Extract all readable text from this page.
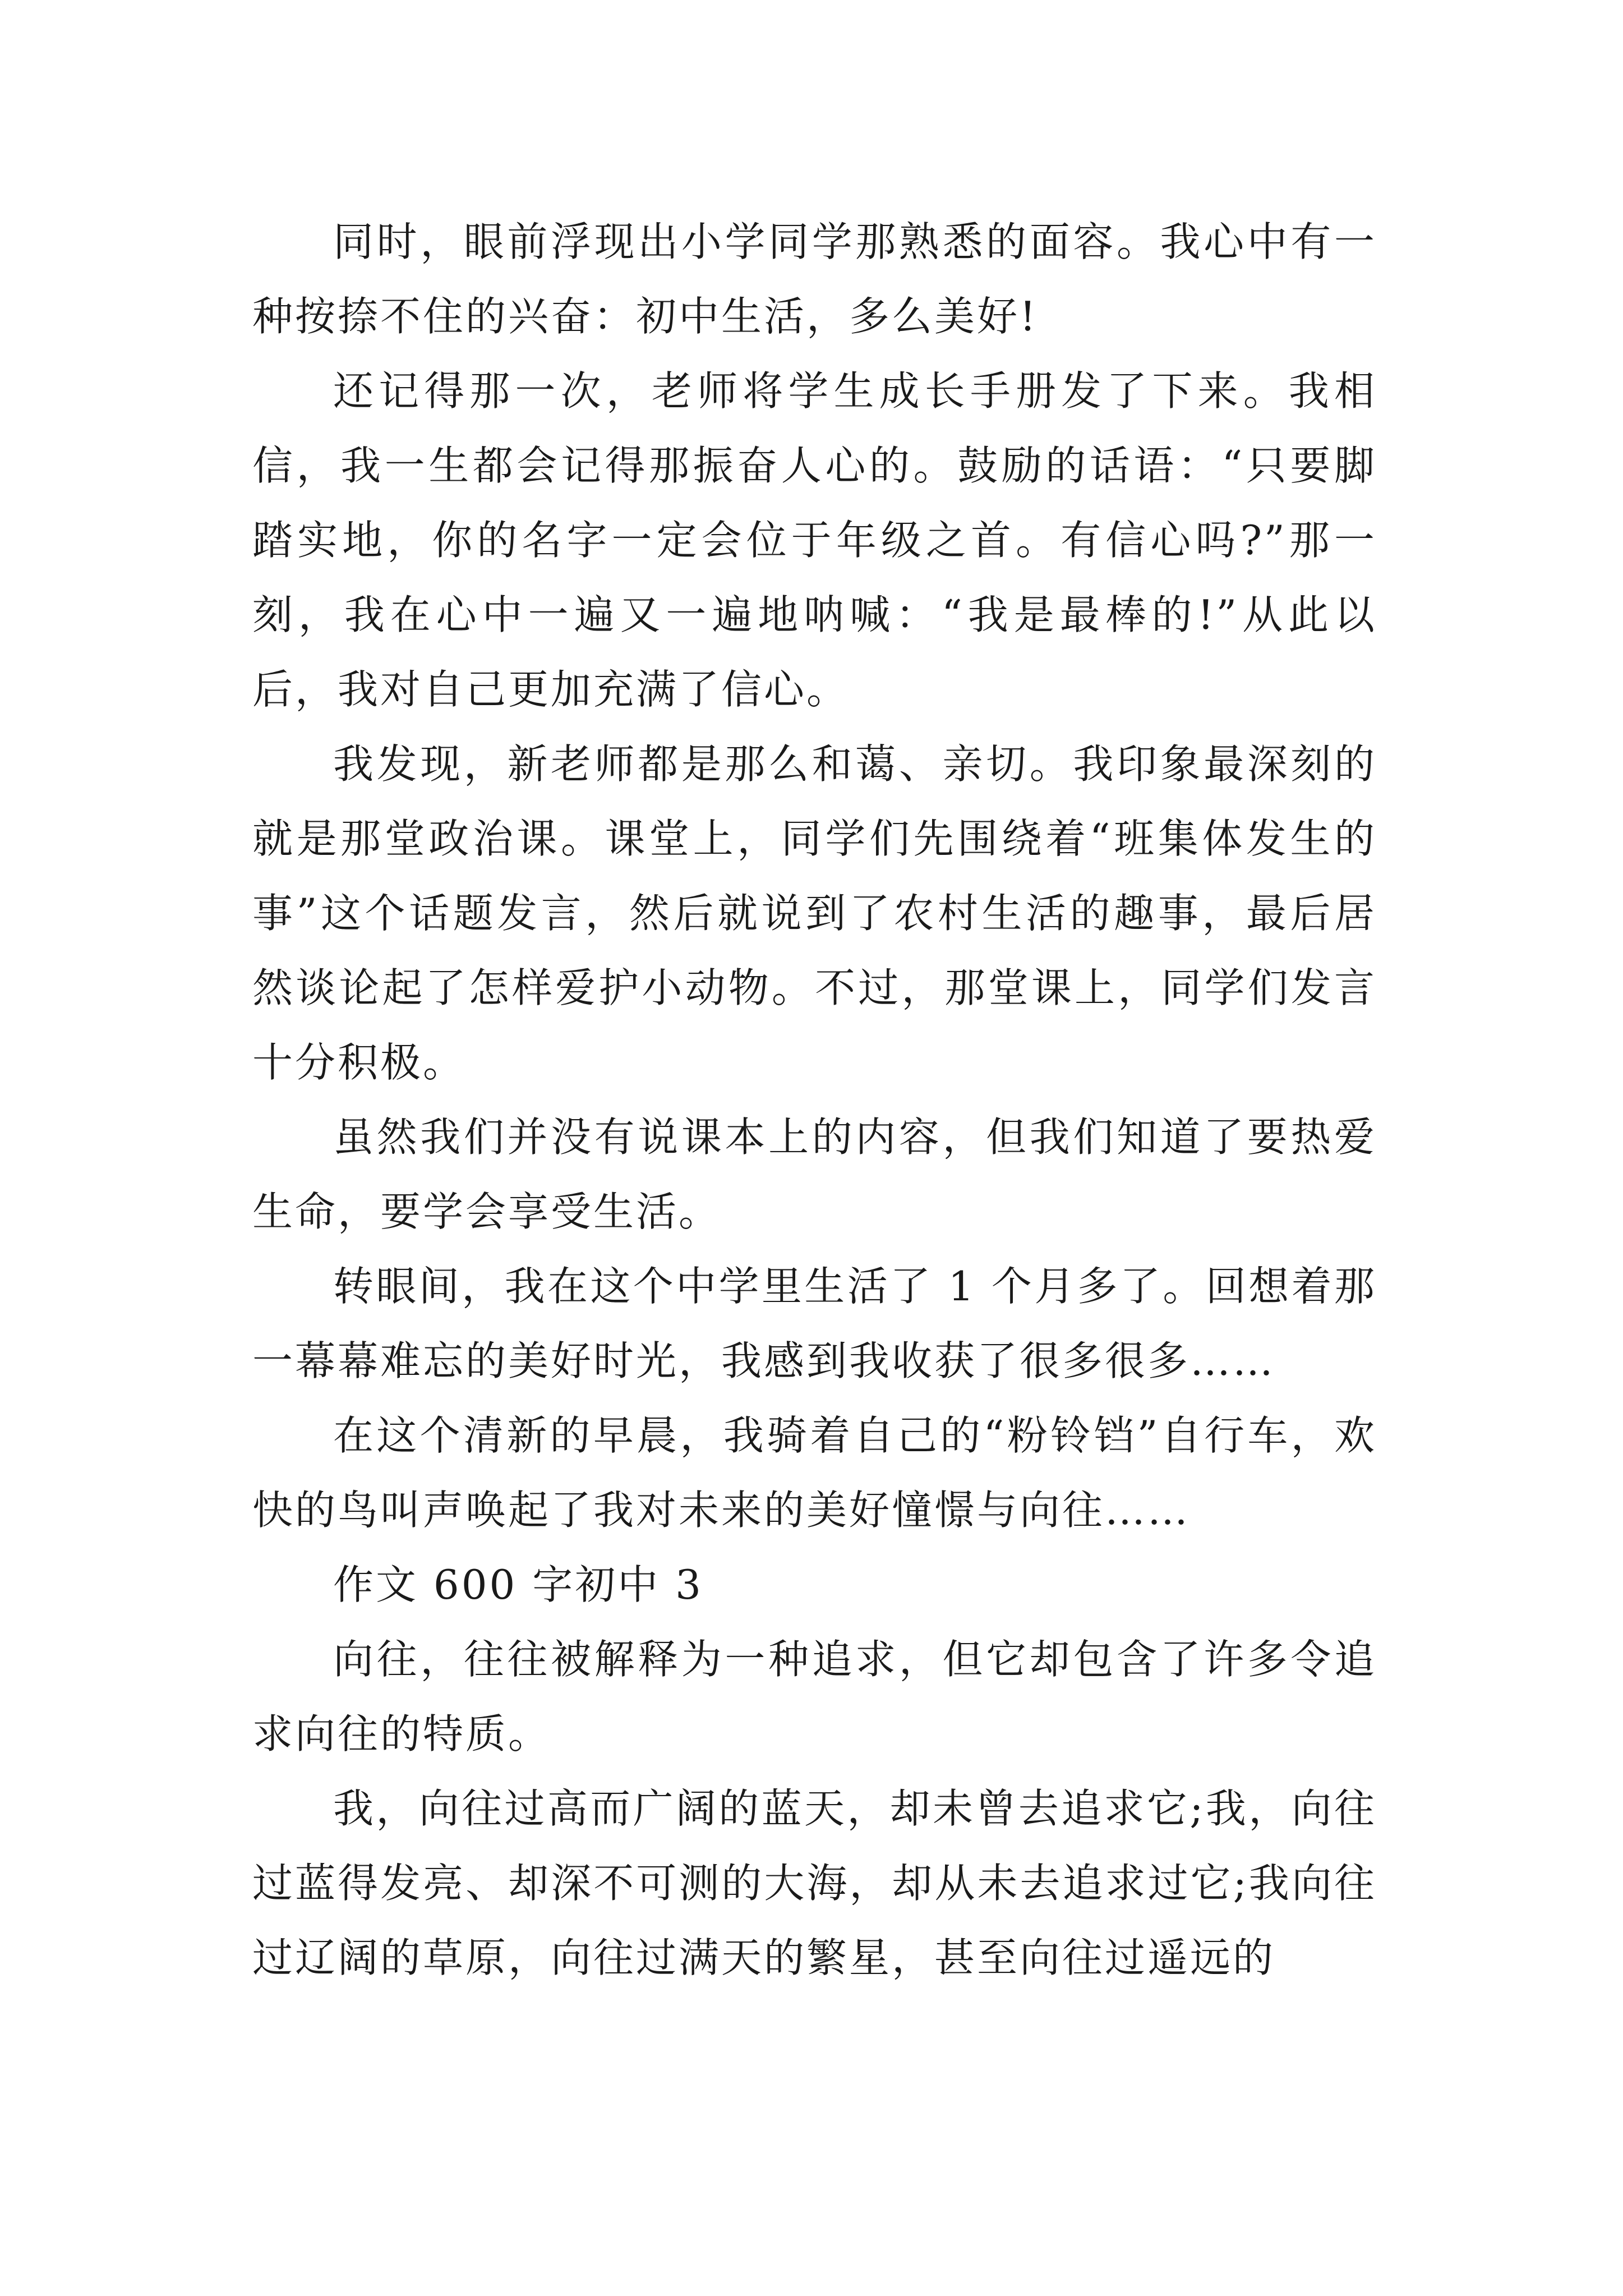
同时，眼前浮现出小学同学那熟悉的面容。我心中有一种按捺不住的兴奋：初中生活，多么美好!

还记得那一次，老师将学生成长手册发了下来。我相信，我一生都会记得那振奋人心的。鼓励的话语：“只要脚踏实地，你的名字一定会位于年级之首。有信心吗?”那一刻，我在心中一遍又一遍地呐喊：“我是最棒的!”从此以后，我对自己更加充满了信心。

我发现，新老师都是那么和蔼、亲切。我印象最深刻的就是那堂政治课。课堂上，同学们先围绕着“班集体发生的事”这个话题发言，然后就说到了农村生活的趣事，最后居然谈论起了怎样爱护小动物。不过，那堂课上，同学们发言十分积极。

虽然我们并没有说课本上的内容，但我们知道了要热爱生命，要学会享受生活。

转眼间，我在这个中学里生活了 1 个月多了。回想着那一幕幕难忘的美好时光，我感到我收获了很多很多……

在这个清新的早晨，我骑着自己的“粉铃铛”自行车，欢快的鸟叫声唤起了我对未来的美好憧憬与向往……

作文 600 字初中 3

向往，往往被解释为一种追求，但它却包含了许多令追求向往的特质。

我，向往过高而广阔的蓝天，却未曾去追求它;我，向往过蓝得发亮、却深不可测的大海，却从未去追求过它;我向往过辽阔的草原，向往过满天的繁星，甚至向往过遥远的
